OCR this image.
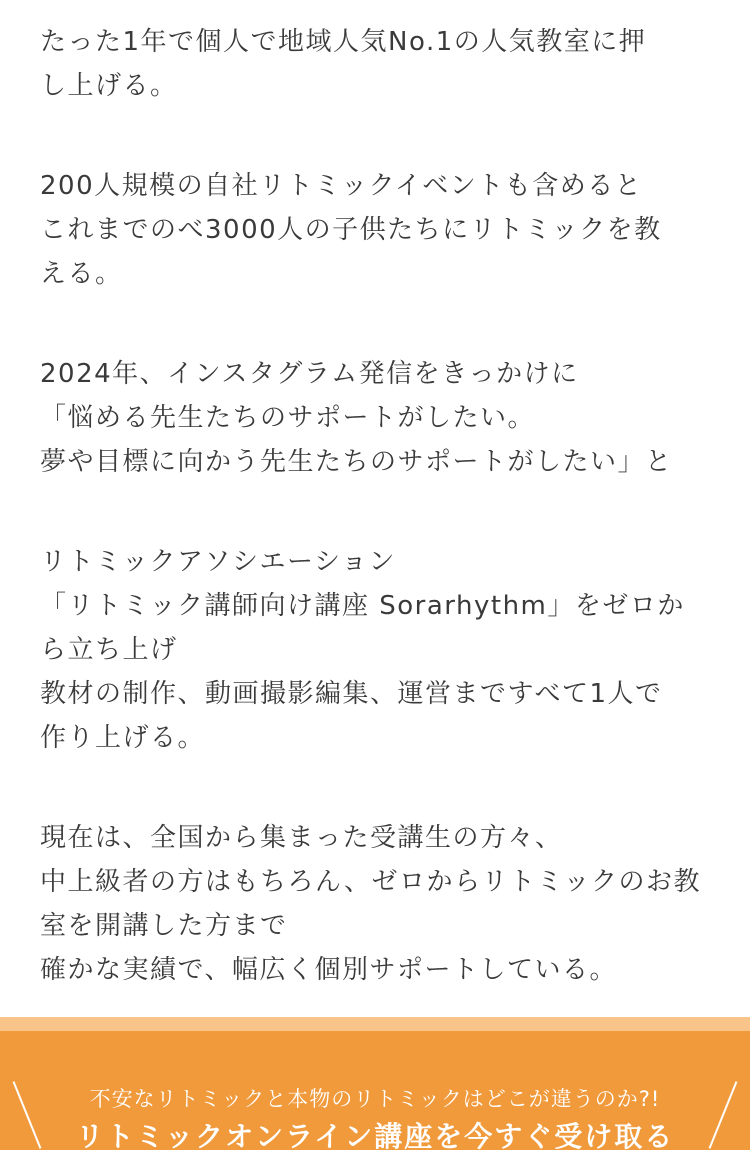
たった1年で個人で地域人気No.1の人気教室に押
し上げる。
200人規模の自社リトミックイベントも含めると
これまでのべ3000人の子供たちにリトミックを教
える。
2024年、インスタグラム発信をきっかけに
「悩める先生たちのサポートがしたい。
夢や目標に向かう先生たちのサポートがしたい」と
リトミックアソシエーション
「リトミック講師向け講座 Sorarhythm」をゼロか
ら立ち上げ
教材の制作、動画撮影編集、運営まですべて1人で
作り上げる。
現在は、全国から集まった受講生の方々、
中上級者の方はもちろん、ゼロからリトミックのお教
室を開講した方まで
確かな実績で、幅広く個別サポートしている。
不安なリトミックと本物のリトミックはどこが違うのか?!
リトミックオンライン講座を今すぐ受け取る
